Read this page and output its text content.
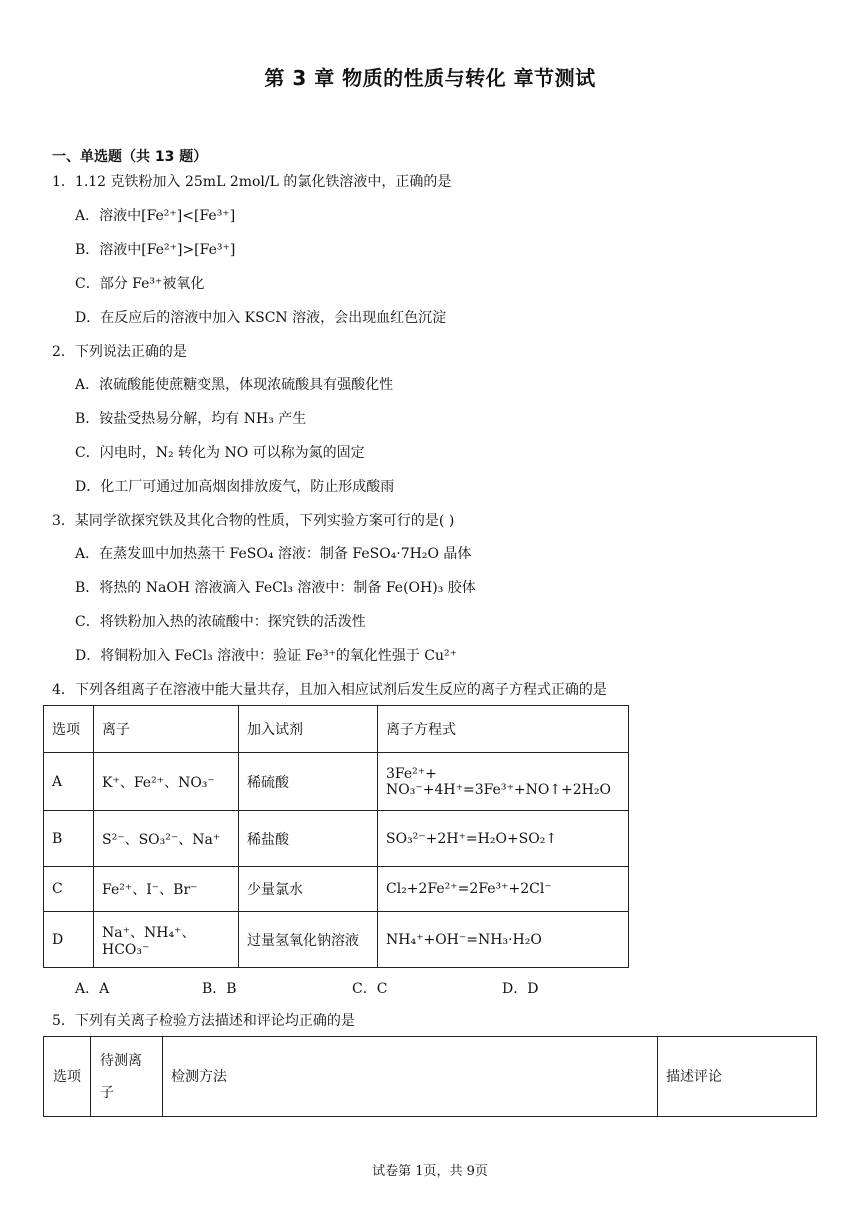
第 3 章 物质的性质与转化 章节测试
一、单选题（共 13 题）
1．1.12 克铁粉加入 25mL 2mol/L 的氯化铁溶液中，正确的是
A．溶液中[Fe²⁺]<[Fe³⁺]
B．溶液中[Fe²⁺]>[Fe³⁺]
C．部分 Fe³⁺被氧化
D．在反应后的溶液中加入 KSCN 溶液，会出现血红色沉淀
2．下列说法正确的是
A．浓硫酸能使蔗糖变黑，体现浓硫酸具有强酸化性
B．铵盐受热易分解，均有 NH₃ 产生
C．闪电时，N₂ 转化为 NO 可以称为氮的固定
D．化工厂可通过加高烟囱排放废气，防止形成酸雨
3．某同学欲探究铁及其化合物的性质，下列实验方案可行的是( )
A．在蒸发皿中加热蒸干 FeSO₄ 溶液：制备 FeSO₄·7H₂O 晶体
B．将热的 NaOH 溶液滴入 FeCl₃ 溶液中：制备 Fe(OH)₃ 胶体
C．将铁粉加入热的浓硫酸中：探究铁的活泼性
D．将铜粉加入 FeCl₃ 溶液中：验证 Fe³⁺的氧化性强于 Cu²⁺
4．下列各组离子在溶液中能大量共存，且加入相应试剂后发生反应的离子方程式正确的是
选项	离子	加入试剂	离子方程式
A	K⁺、Fe²⁺、NO₃⁻	稀硫酸	3Fe²⁺+ NO₃⁻+4H⁺=3Fe³⁺+NO↑+2H₂O
B	S²⁻、SO₃²⁻、Na⁺	稀盐酸	SO₃²⁻+2H⁺=H₂O+SO₂↑
C	Fe²⁺、I⁻、Br⁻	少量氯水	Cl₂+2Fe²⁺=2Fe³⁺+2Cl⁻
D	Na⁺、NH₄⁺、HCO₃⁻	过量氢氧化钠溶液	NH₄⁺+OH⁻=NH₃·H₂O
A．A	B．B	C．C	D．D
5．下列有关离子检验方法描述和评论均正确的是
选项	待测离子	检测方法	描述评论
试卷第 1页，共 9页
